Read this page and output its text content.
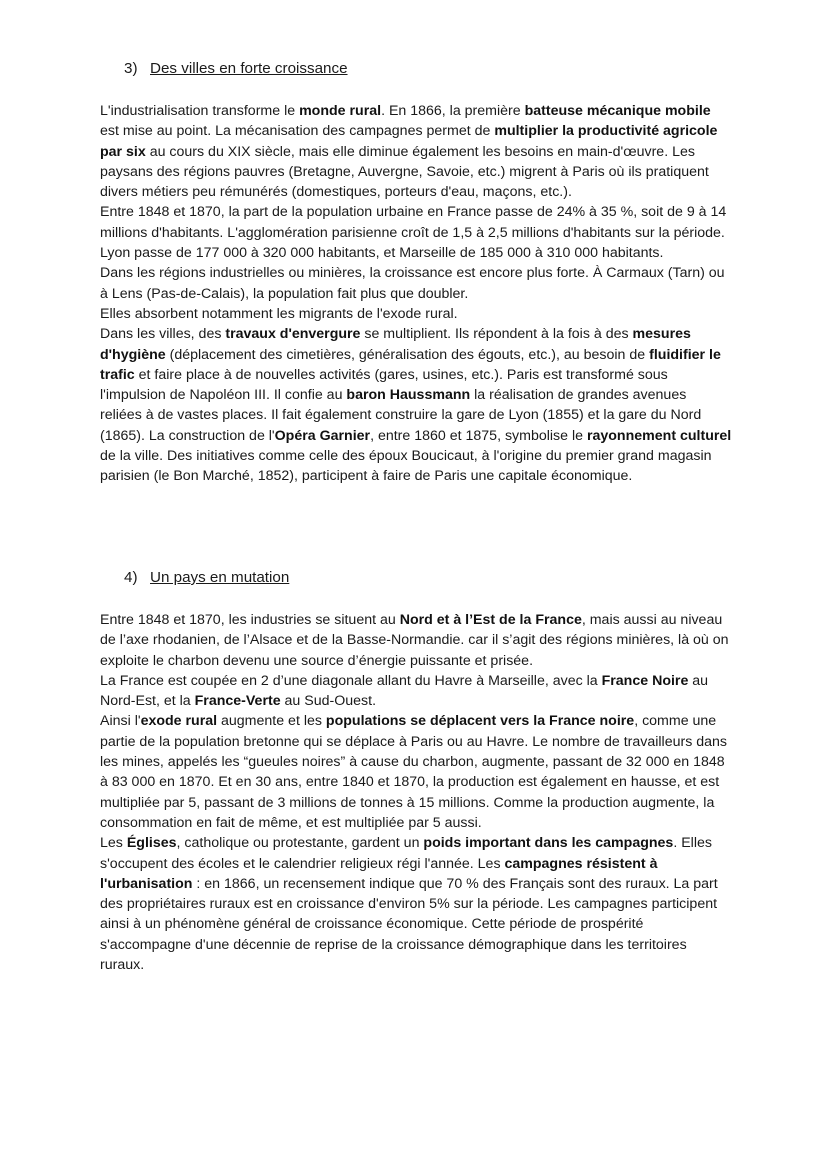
3) Des villes en forte croissance

L'industrialisation transforme le monde rural. En 1866, la première batteuse mécanique mobile est mise au point. La mécanisation des campagnes permet de multiplier la productivité agricole par six au cours du XIX siècle, mais elle diminue également les besoins en main-d'œuvre. Les paysans des régions pauvres (Bretagne, Auvergne, Savoie, etc.) migrent à Paris où ils pratiquent divers métiers peu rémunérés (domestiques, porteurs d'eau, maçons, etc.).

Entre 1848 et 1870, la part de la population urbaine en France passe de 24% à 35 %, soit de 9 à 14 millions d'habitants. L'agglomération parisienne croît de 1,5 à 2,5 millions d'habitants sur la période. Lyon passe de 177 000 à 320 000 habitants, et Marseille de 185 000 à 310 000 habitants.

Dans les régions industrielles ou minières, la croissance est encore plus forte. À Carmaux (Tarn) ou à Lens (Pas-de-Calais), la population fait plus que doubler.

Elles absorbent notamment les migrants de l'exode rural.

Dans les villes, des travaux d'envergure se multiplient. Ils répondent à la fois à des mesures d'hygiène (déplacement des cimetières, généralisation des égouts, etc.), au besoin de fluidifier le trafic et faire place à de nouvelles activités (gares, usines, etc.). Paris est transformé sous l'impulsion de Napoléon III. Il confie au baron Haussmann la réalisation de grandes avenues reliées à de vastes places. Il fait également construire la gare de Lyon (1855) et la gare du Nord (1865). La construction de l'Opéra Garnier, entre 1860 et 1875, symbolise le rayonnement culturel de la ville. Des initiatives comme celle des époux Boucicaut, à l'origine du premier grand magasin parisien (le Bon Marché, 1852), participent à faire de Paris une capitale économique.

4) Un pays en mutation

Entre 1848 et 1870, les industries se situent au Nord et à l’Est de la France, mais aussi au niveau de l’axe rhodanien, de l’Alsace et de la Basse-Normandie. car il s’agit des régions minières, là où on exploite le charbon devenu une source d’énergie puissante et prisée.

La France est coupée en 2 d’une diagonale allant du Havre à Marseille, avec la France Noire au Nord-Est, et la France-Verte au Sud-Ouest.

Ainsi l'exode rural augmente et les populations se déplacent vers la France noire, comme une partie de la population bretonne qui se déplace à Paris ou au Havre. Le nombre de travailleurs dans les mines, appelés les “gueules noires” à cause du charbon, augmente, passant de 32 000 en 1848 à 83 000 en 1870. Et en 30 ans, entre 1840 et 1870, la production est également en hausse, et est multipliée par 5, passant de 3 millions de tonnes à 15 millions. Comme la production augmente, la consommation en fait de même, et est multipliée par 5 aussi.

Les Églises, catholique ou protestante, gardent un poids important dans les campagnes. Elles s'occupent des écoles et le calendrier religieux régi l'année. Les campagnes résistent à l'urbanisation : en 1866, un recensement indique que 70 % des Français sont des ruraux. La part des propriétaires ruraux est en croissance d'environ 5% sur la période. Les campagnes participent ainsi à un phénomène général de croissance économique. Cette période de prospérité s'accompagne d'une décennie de reprise de la croissance démographique dans les territoires ruraux.
